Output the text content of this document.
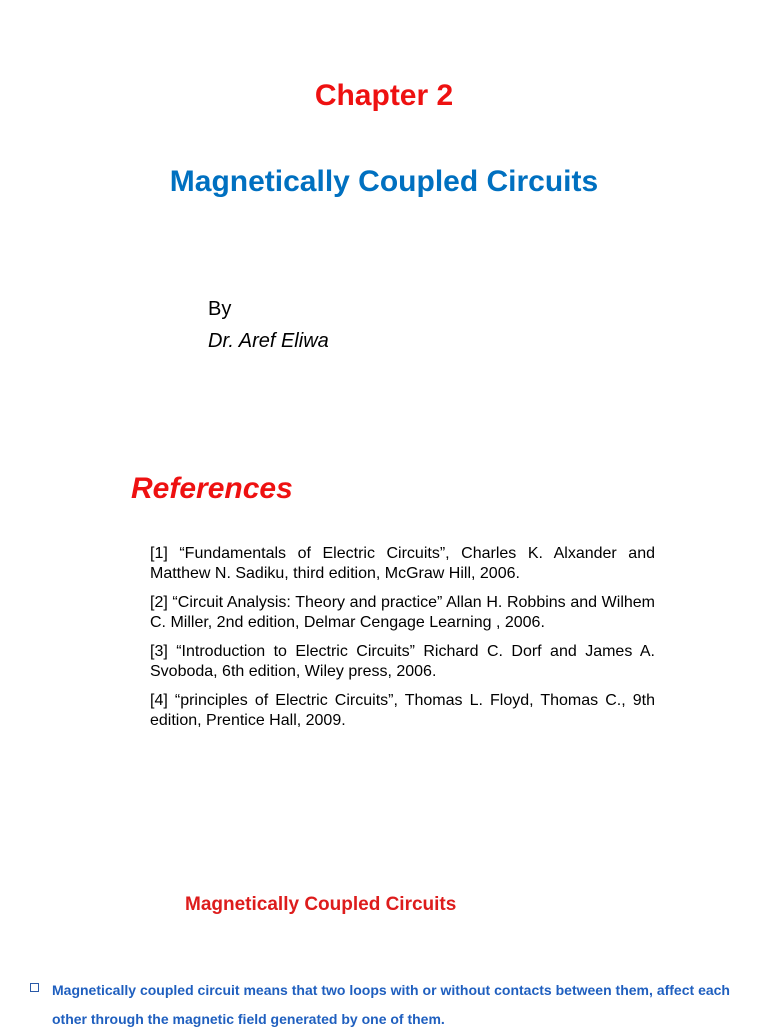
Chapter 2
Magnetically Coupled Circuits
By
Dr. Aref Eliwa
References
[1] “Fundamentals of Electric Circuits”, Charles K. Alxander and Matthew N. Sadiku, third edition, McGraw Hill, 2006.
[2] “Circuit Analysis: Theory and practice” Allan H. Robbins and Wilhem C. Miller, 2nd edition, Delmar Cengage Learning , 2006.
[3] “Introduction to Electric Circuits” Richard C. Dorf and James A. Svoboda, 6th edition, Wiley press, 2006.
[4] “principles of Electric Circuits”, Thomas L. Floyd, Thomas C., 9th edition, Prentice Hall, 2009.
Magnetically Coupled Circuits
Magnetically coupled circuit means that two loops with or without contacts between them, affect each other through the magnetic field generated by one of them.
